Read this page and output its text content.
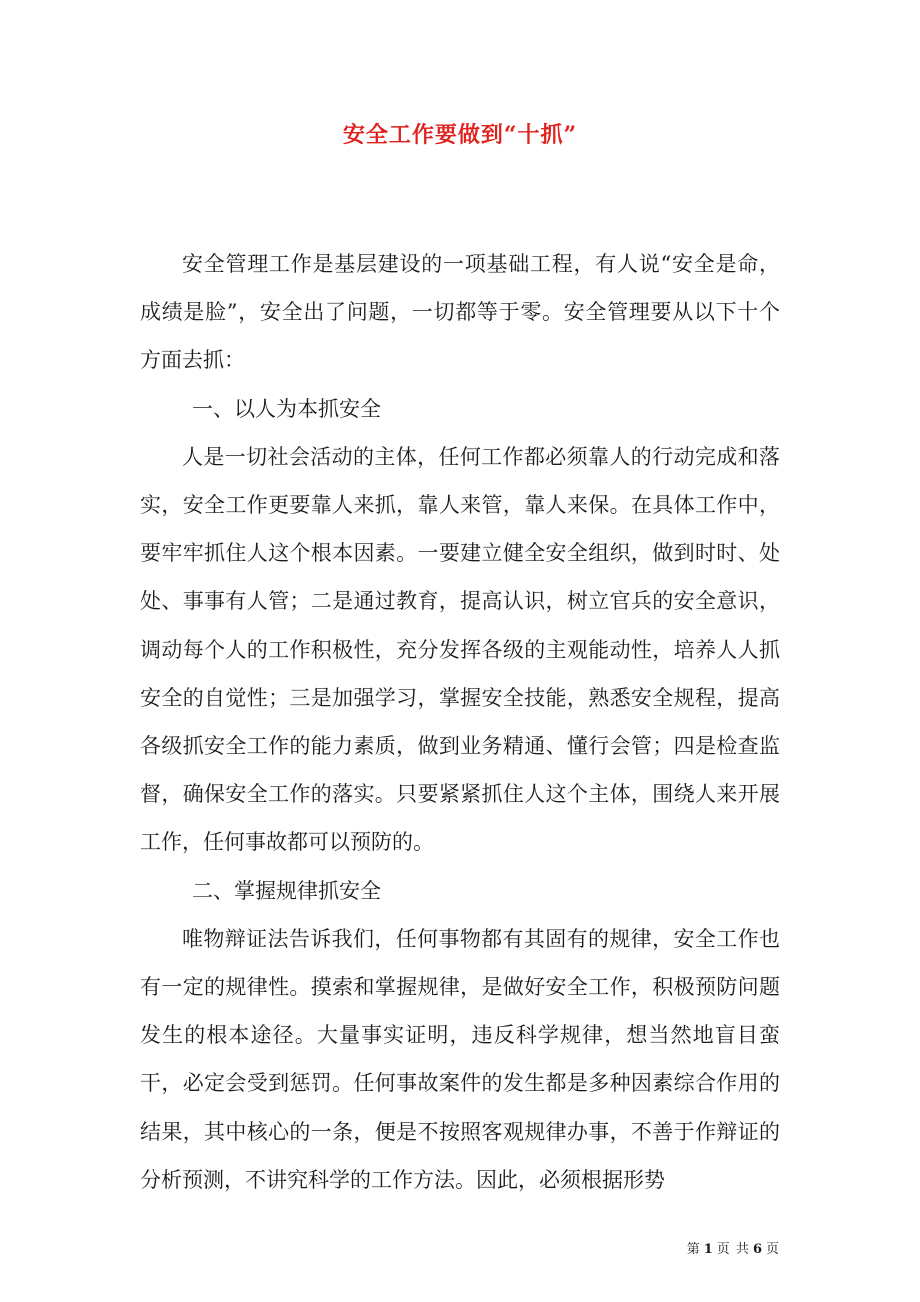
安全工作要做到“十抓”

安全管理工作是基层建设的一项基础工程，有人说“安全是命，成绩是脸”，安全出了问题，一切都等于零。安全管理要从以下十个方面去抓：

一、以人为本抓安全

人是一切社会活动的主体，任何工作都必须靠人的行动完成和落实，安全工作更要靠人来抓，靠人来管，靠人来保。在具体工作中，要牢牢抓住人这个根本因素。一要建立健全安全组织，做到时时、处处、事事有人管；二是通过教育，提高认识，树立官兵的安全意识，调动每个人的工作积极性，充分发挥各级的主观能动性，培养人人抓安全的自觉性；三是加强学习，掌握安全技能，熟悉安全规程，提高各级抓安全工作的能力素质，做到业务精通、懂行会管；四是检查监督，确保安全工作的落实。只要紧紧抓住人这个主体，围绕人来开展工作，任何事故都可以预防的。

二、掌握规律抓安全

唯物辩证法告诉我们，任何事物都有其固有的规律，安全工作也有一定的规律性。摸索和掌握规律，是做好安全工作，积极预防问题发生的根本途径。大量事实证明，违反科学规律，想当然地盲目蛮干，必定会受到惩罚。任何事故案件的发生都是多种因素综合作用的结果，其中核心的一条，便是不按照客观规律办事，不善于作辩证的分析预测，不讲究科学的工作方法。因此，必须根据形势

第 1 页 共 6 页
